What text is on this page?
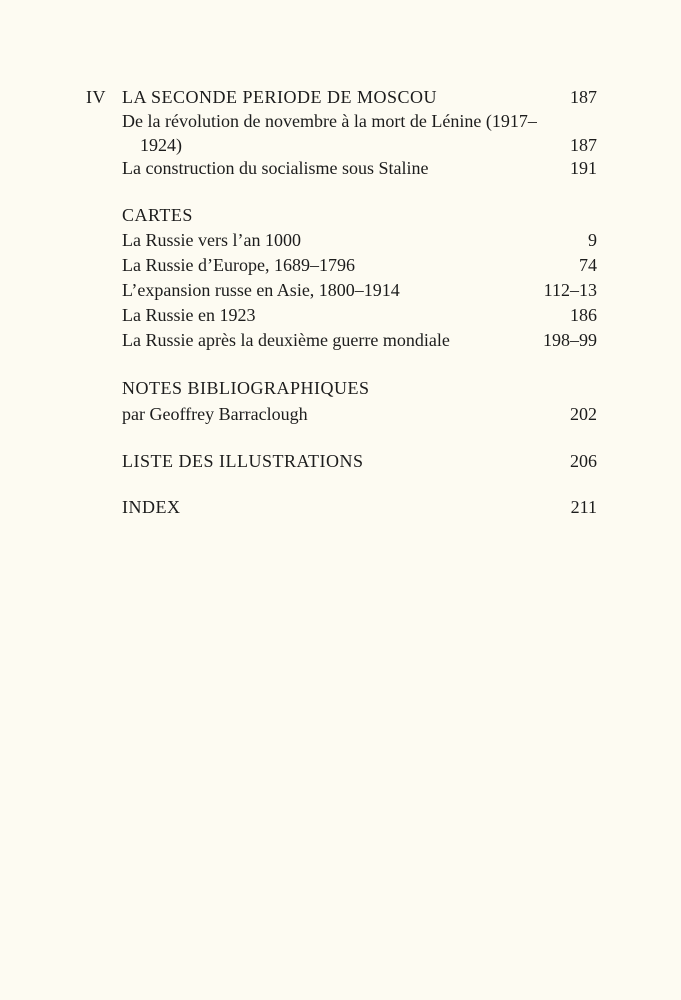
IV LA SECONDE PERIODE DE MOSCOU	187
De la révolution de novembre à la mort de Lénine (1917–
1924)	187
La construction du socialisme sous Staline	191
CARTES
La Russie vers l’an 1000	9
La Russie d’Europe, 1689–1796	74
L’expansion russe en Asie, 1800–1914	112–13
La Russie en 1923	186
La Russie après la deuxième guerre mondiale	198–99
NOTES BIBLIOGRAPHIQUES
par Geoffrey Barraclough	202
LISTE DES ILLUSTRATIONS	206
INDEX	211
